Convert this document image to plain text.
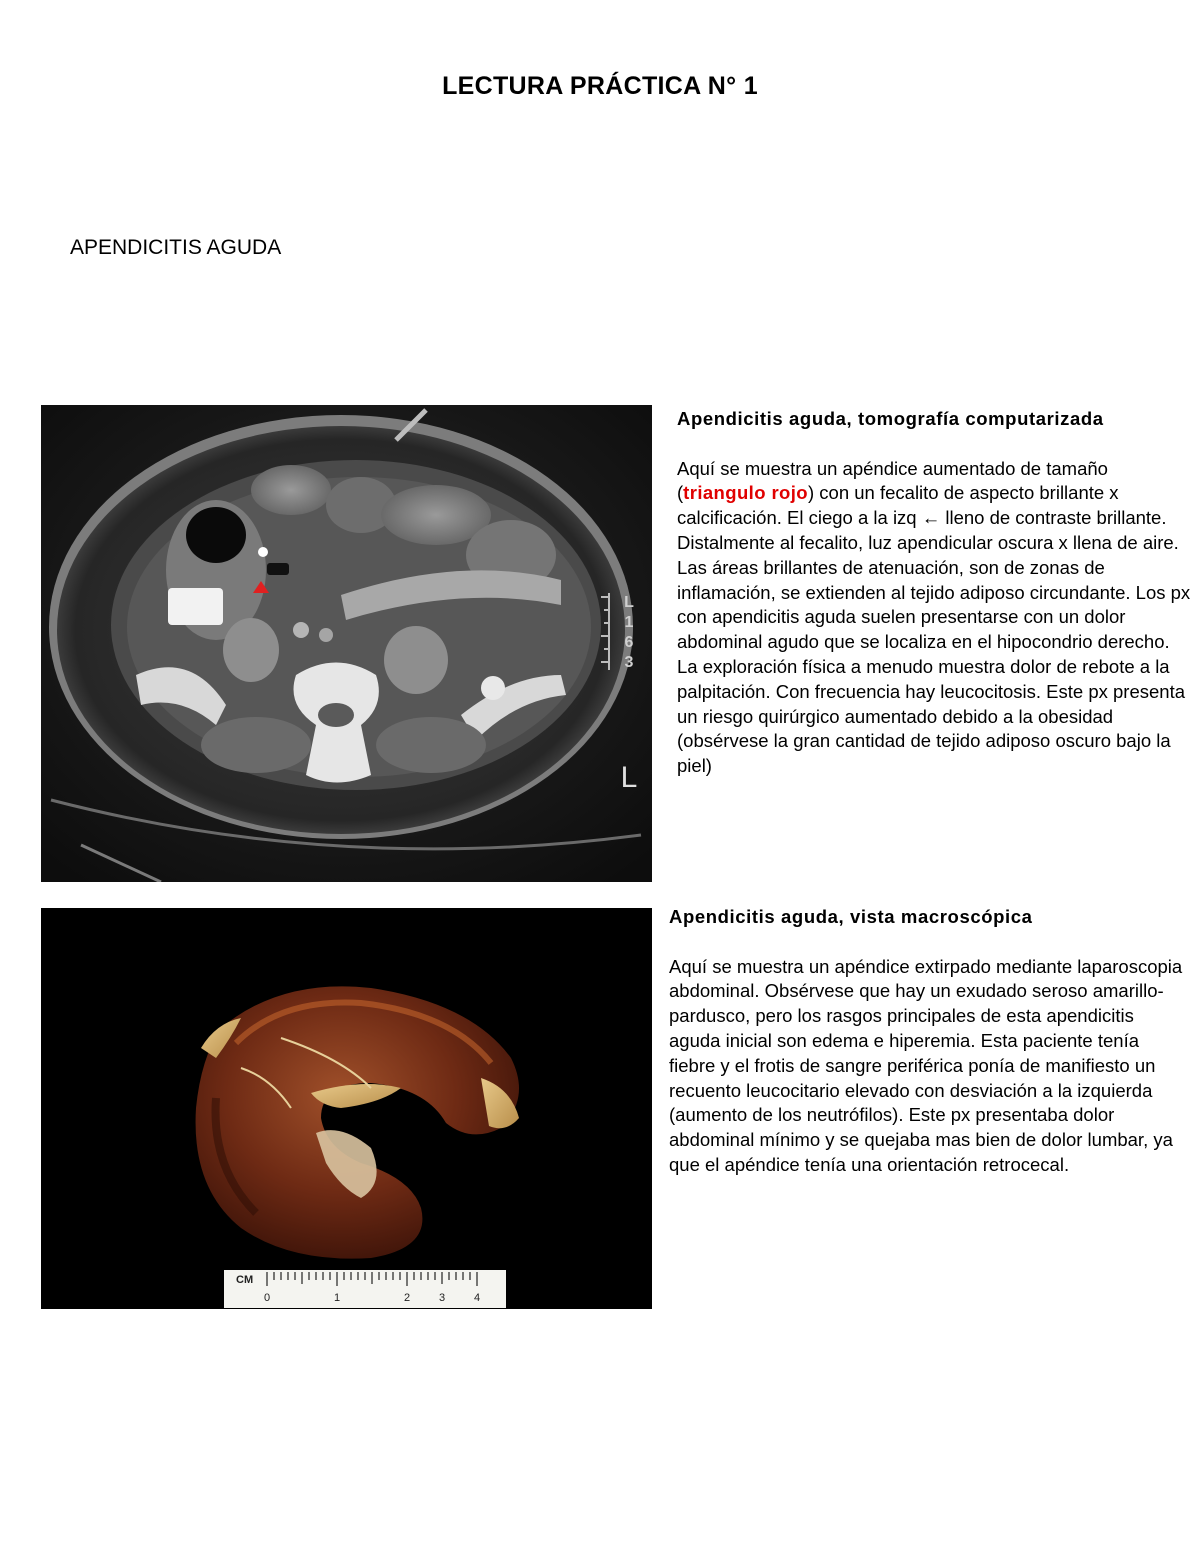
LECTURA PRÁCTICA N° 1
APENDICITIS AGUDA
L
1
6
3
L
Apendicitis aguda, tomografía computarizada

Aquí se muestra un apéndice aumentado de tamaño (triangulo rojo) con un fecalito de aspecto brillante x calcificación. El ciego a la izq ← lleno de contraste brillante. Distalmente al fecalito, luz apendicular oscura x llena de aire. Las áreas brillantes de atenuación, son de zonas de inflamación, se extienden al tejido adiposo circundante. Los px con apendicitis aguda suelen presentarse con un dolor abdominal agudo que se localiza en el hipocondrio derecho. La exploración física a menudo muestra dolor de rebote a la palpitación. Con frecuencia hay leucocitosis. Este px presenta un riesgo quirúrgico aumentado debido a la obesidad (obsérvese la gran cantidad de tejido adiposo oscuro bajo la piel)

CM
0	1	2	3	4
Apendicitis aguda, vista macroscópica

Aquí se muestra un apéndice extirpado mediante laparoscopia abdominal. Obsérvese que hay un exudado seroso amarillo-pardusco, pero los rasgos principales de esta apendicitis aguda inicial son edema e hiperemia. Esta paciente tenía fiebre y el frotis de sangre periférica ponía de manifiesto un recuento leucocitario elevado con desviación a la izquierda (aumento de los neutrófilos). Este px presentaba dolor abdominal mínimo y se quejaba mas bien de dolor lumbar, ya que el apéndice tenía una orientación retrocecal.
